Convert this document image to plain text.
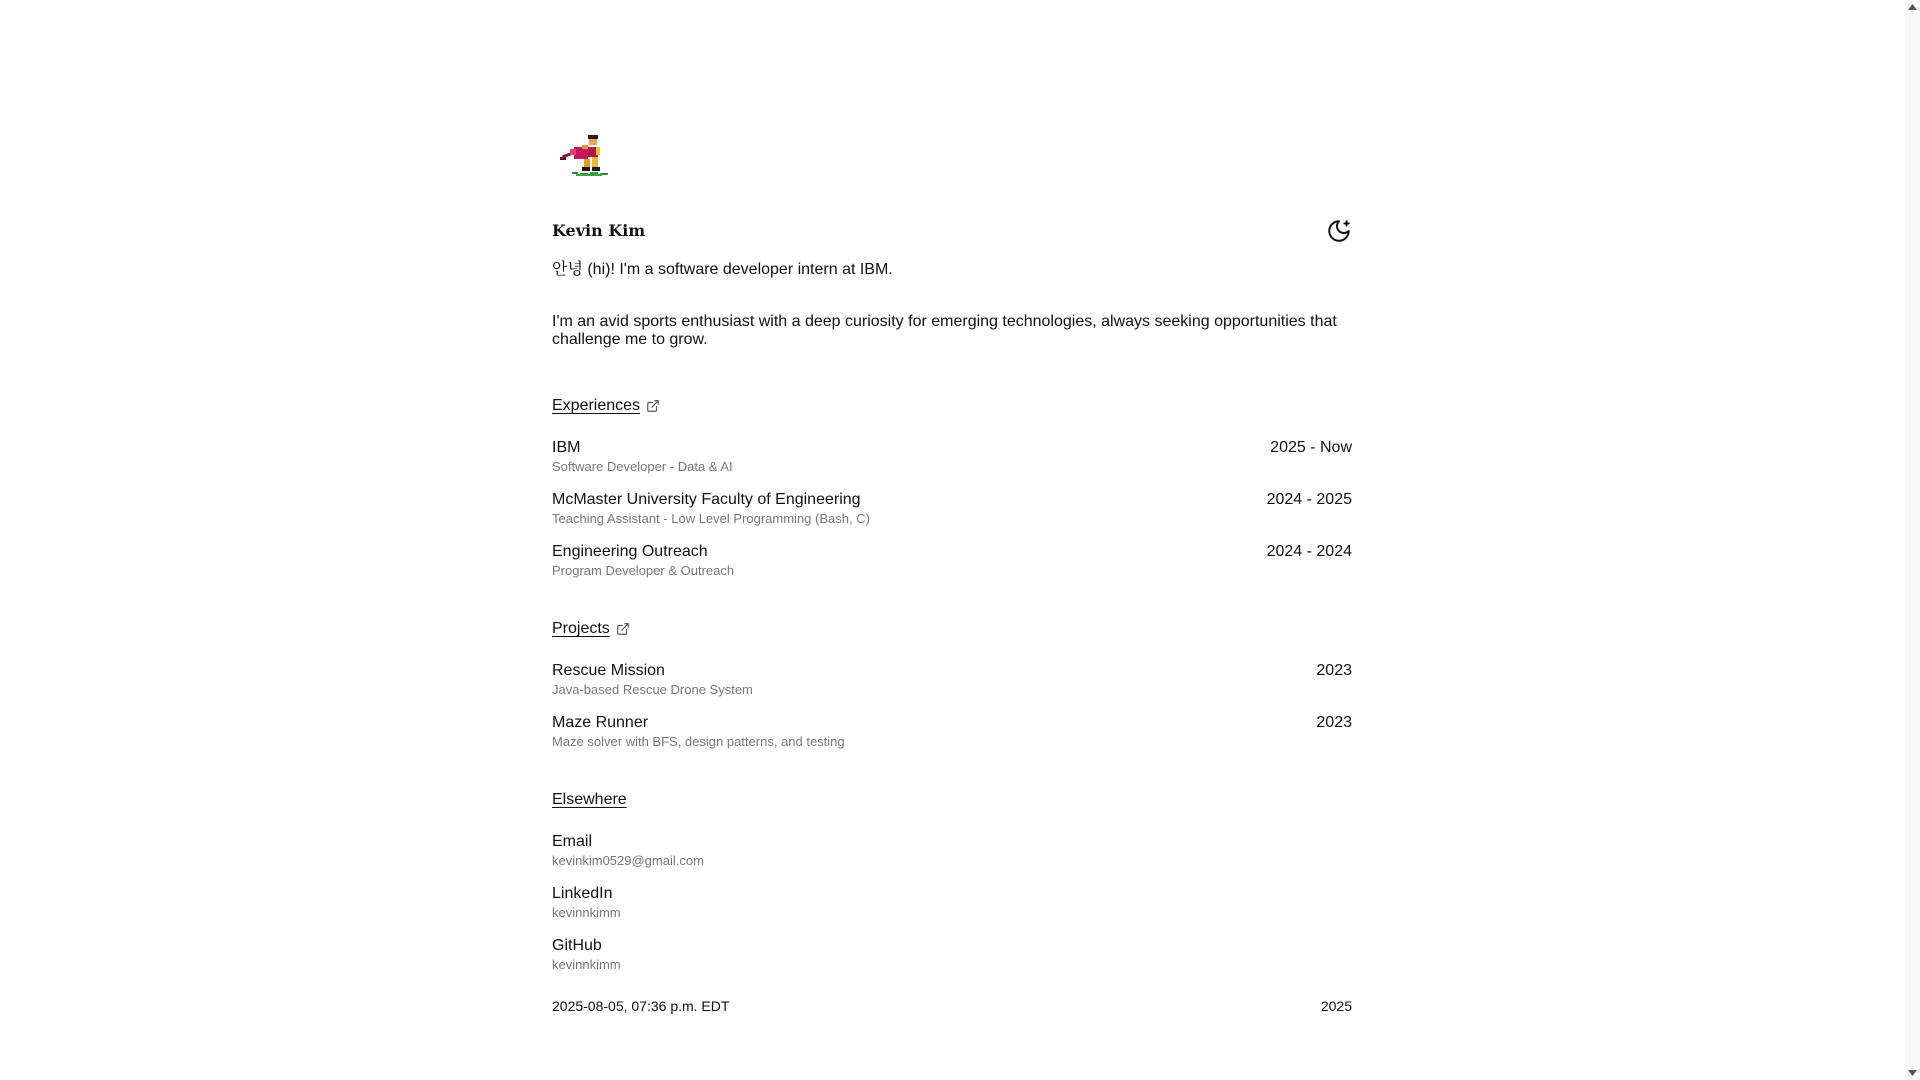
Kevin Kim
안녕 (hi)! I'm a software developer intern at IBM.
I'm an avid sports enthusiast with a deep curiosity for emerging technologies, always seeking opportunities that challenge me to grow.
Experiences
IBM
Software Developer - Data & AI
2025 - Now
McMaster University Faculty of Engineering
Teaching Assistant - Low Level Programming (Bash, C)
2024 - 2025
Engineering Outreach
Program Developer & Outreach
2024 - 2024
Projects
Rescue Mission
Java-based Rescue Drone System
2023
Maze Runner
Maze solver with BFS, design patterns, and testing
2023
Elsewhere
Email
kevinkim0529@gmail.com
LinkedIn
kevinnkimm
GitHub
kevinnkimm
2025-08-05, 07:36 p.m. EDT	2025
